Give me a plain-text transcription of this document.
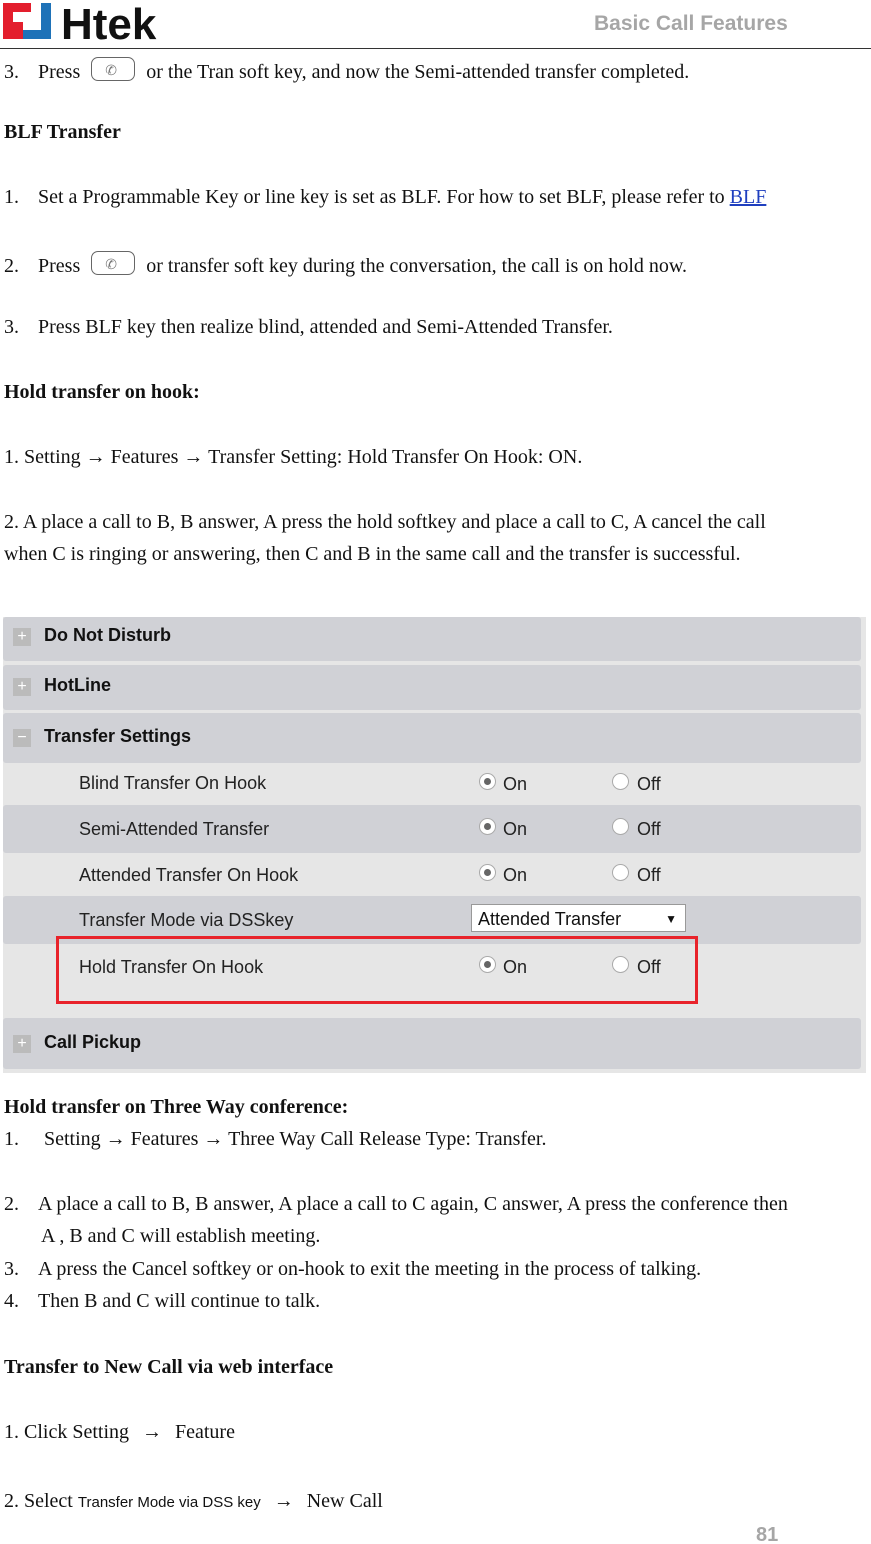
Htek	Basic Call Features
3. Press ✆ or the Tran soft key, and now the Semi-attended transfer completed.
BLF Transfer
1. Set a Programmable Key or line key is set as BLF. For how to set BLF, please refer to BLF
2. Press ✆ or transfer soft key during the conversation, the call is on hold now.
3. Press BLF key then realize blind, attended and Semi-Attended Transfer.
Hold transfer on hook:
1. Setting → Features → Transfer Setting: Hold Transfer On Hook: ON.
2. A place a call to B, B answer, A press the hold softkey and place a call to C, A cancel the call
when C is ringing or answering, then C and B in the same call and the transfer is successful.
+ Do Not Disturb
+ HotLine
− Transfer Settings
Blind Transfer On Hook	On	Off
Semi-Attended Transfer	On	Off
Attended Transfer On Hook	On	Off
Transfer Mode via DSSkey	Attended Transfer	▼
Hold Transfer On Hook	On	Off
+ Call Pickup
Hold transfer on Three Way conference:
1. Setting → Features → Three Way Call Release Type: Transfer.
2. A place a call to B, B answer, A place a call to C again, C answer, A press the conference then
A , B and C will establish meeting.
3. A press the Cancel softkey or on-hook to exit the meeting in the process of talking.
4. Then B and C will continue to talk.
Transfer to New Call via web interface
1. Click Setting → Feature
2. Select Transfer Mode via DSS key → New Call
81
